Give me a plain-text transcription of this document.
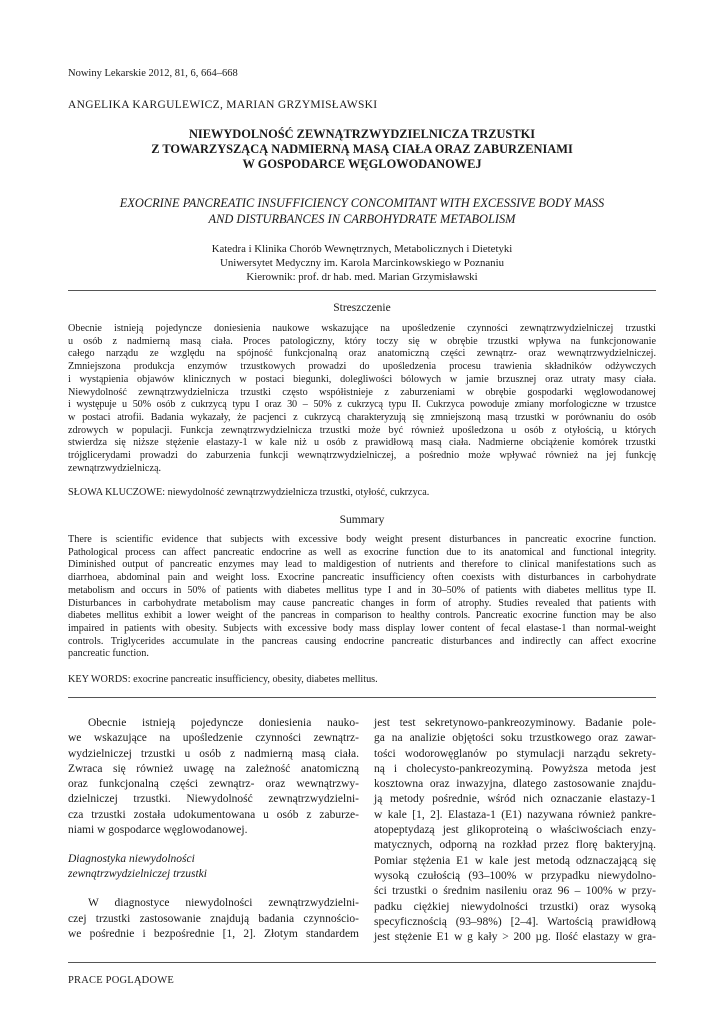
Nowiny Lekarskie 2012, 81, 6, 664–668
ANGELIKA KARGULEWICZ, MARIAN GRZYMISŁAWSKI
NIEWYDOLNOŚĆ ZEWNĄTRZWYDZIELNICZA TRZUSTKI
Z TOWARZYSZĄCĄ NADMIERNĄ MASĄ CIAŁA ORAZ ZABURZENIAMI
W GOSPODARCE WĘGLOWODANOWEJ
EXOCRINE PANCREATIC INSUFFICIENCY CONCOMITANT WITH EXCESSIVE BODY MASS
AND DISTURBANCES IN CARBOHYDRATE METABOLISM
Katedra i Klinika Chorób Wewnętrznych, Metabolicznych i Dietetyki
Uniwersytet Medyczny im. Karola Marcinkowskiego w Poznaniu
Kierownik: prof. dr hab. med. Marian Grzymisławski
Streszczenie
Obecnie istnieją pojedyncze doniesienia naukowe wskazujące na upośledzenie czynności zewnątrzwydzielniczej trzustki
u osób z nadmierną masą ciała. Proces patologiczny, który toczy się w obrębie trzustki wpływa na funkcjonowanie
całego narządu ze względu na spójność funkcjonalną oraz anatomiczną części zewnątrz- oraz wewnątrzwydzielniczej.
Zmniejszona produkcja enzymów trzustkowych prowadzi do upośledzenia procesu trawienia składników odżywczych
i wystąpienia objawów klinicznych w postaci biegunki, dolegliwości bólowych w jamie brzusznej oraz utraty masy ciała.
Niewydolność zewnątrzwydzielnicza trzustki często współistnieje z zaburzeniami w obrębie gospodarki węglowodanowej
i występuje u 50% osób z cukrzycą typu I oraz 30 – 50% z cukrzycą typu II. Cukrzyca powoduje zmiany morfologiczne w trzustce
w postaci atrofii. Badania wykazały, że pacjenci z cukrzycą charakteryzują się zmniejszoną masą trzustki w porównaniu do osób
zdrowych w populacji. Funkcja zewnątrzwydzielnicza trzustki może być również upośledzona u osób z otyłością, u których
stwierdza się niższe stężenie elastazy-1 w kale niż u osób z prawidłową masą ciała. Nadmierne obciążenie komórek trzustki
trójglicerydami prowadzi do zaburzenia funkcji wewnątrzwydzielniczej, a pośrednio może wpływać również na jej funkcję
zewnątrzwydzielniczą.
SŁOWA KLUCZOWE: niewydolność zewnątrzwydzielnicza trzustki, otyłość, cukrzyca.
Summary
There is scientific evidence that subjects with excessive body weight present disturbances in pancreatic exocrine function.
Pathological process can affect pancreatic endocrine as well as exocrine function due to its anatomical and functional integrity.
Diminished output of pancreatic enzymes may lead to maldigestion of nutrients and therefore to clinical manifestations such as
diarrhoea, abdominal pain and weight loss. Exocrine pancreatic insufficiency often coexists with disturbances in carbohydrate
metabolism and occurs in 50% of patients with diabetes mellitus type I and in 30–50% of patients with diabetes mellitus type II.
Disturbances in carbohydrate metabolism may cause pancreatic changes in form of atrophy. Studies revealed that patients with
diabetes mellitus exhibit a lower weight of the pancreas in comparison to healthy controls. Pancreatic exocrine function may be also
impaired in patients with obesity. Subjects with excessive body mass display lower content of fecal elastase-1 than normal-weight
controls. Triglycerides accumulate in the pancreas causing endocrine pancreatic disturbances and indirectly can affect exocrine
pancreatic function.
KEY WORDS: exocrine pancreatic insufficiency, obesity, diabetes mellitus.

Obecnie istnieją pojedyncze doniesienia nauko-
we wskazujące na upośledzenie czynności zewnątrz-
wydzielniczej trzustki u osób z nadmierną masą ciała.
Zwraca się również uwagę na zależność anatomiczną
oraz funkcjonalną części zewnątrz- oraz wewnątrzwy-
dzielniczej trzustki. Niewydolność zewnątrzwydzielni-
cza trzustki została udokumentowana u osób z zaburze-
niami w gospodarce węglowodanowej.

Diagnostyka niewydolności
zewnątrzwydzielniczej trzustki

W diagnostyce niewydolności zewnątrzwydzielni-
czej trzustki zastosowanie znajdują badania czynnościo-
we pośrednie i bezpośrednie [1, 2]. Złotym standardem

jest test sekretynowo-pankreozyminowy. Badanie pole-
ga na analizie objętości soku trzustkowego oraz zawar-
tości wodorowęglanów po stymulacji narządu sekrety-
ną i cholecysto-pankreozyminą. Powyższa metoda jest
kosztowna oraz inwazyjna, dlatego zastosowanie znajdu-
ją metody pośrednie, wśród nich oznaczanie elastazy-1
w kale [1, 2]. Elastaza-1 (E1) nazywana również pankre-
atopeptydazą jest glikoproteiną o właściwościach enzy-
matycznych, odporną na rozkład przez florę bakteryjną.
Pomiar stężenia E1 w kale jest metodą odznaczającą się
wysoką czułością (93–100% w przypadku niewydolno-
ści trzustki o średnim nasileniu oraz 96 – 100% w przy-
padku ciężkiej niewydolności trzustki) oraz wysoką
specyficznością (93–98%) [2–4]. Wartością prawidłową
jest stężenie E1 w g kały > 200 µg. Ilość elastazy w gra-
PRACE POGLĄDOWE
